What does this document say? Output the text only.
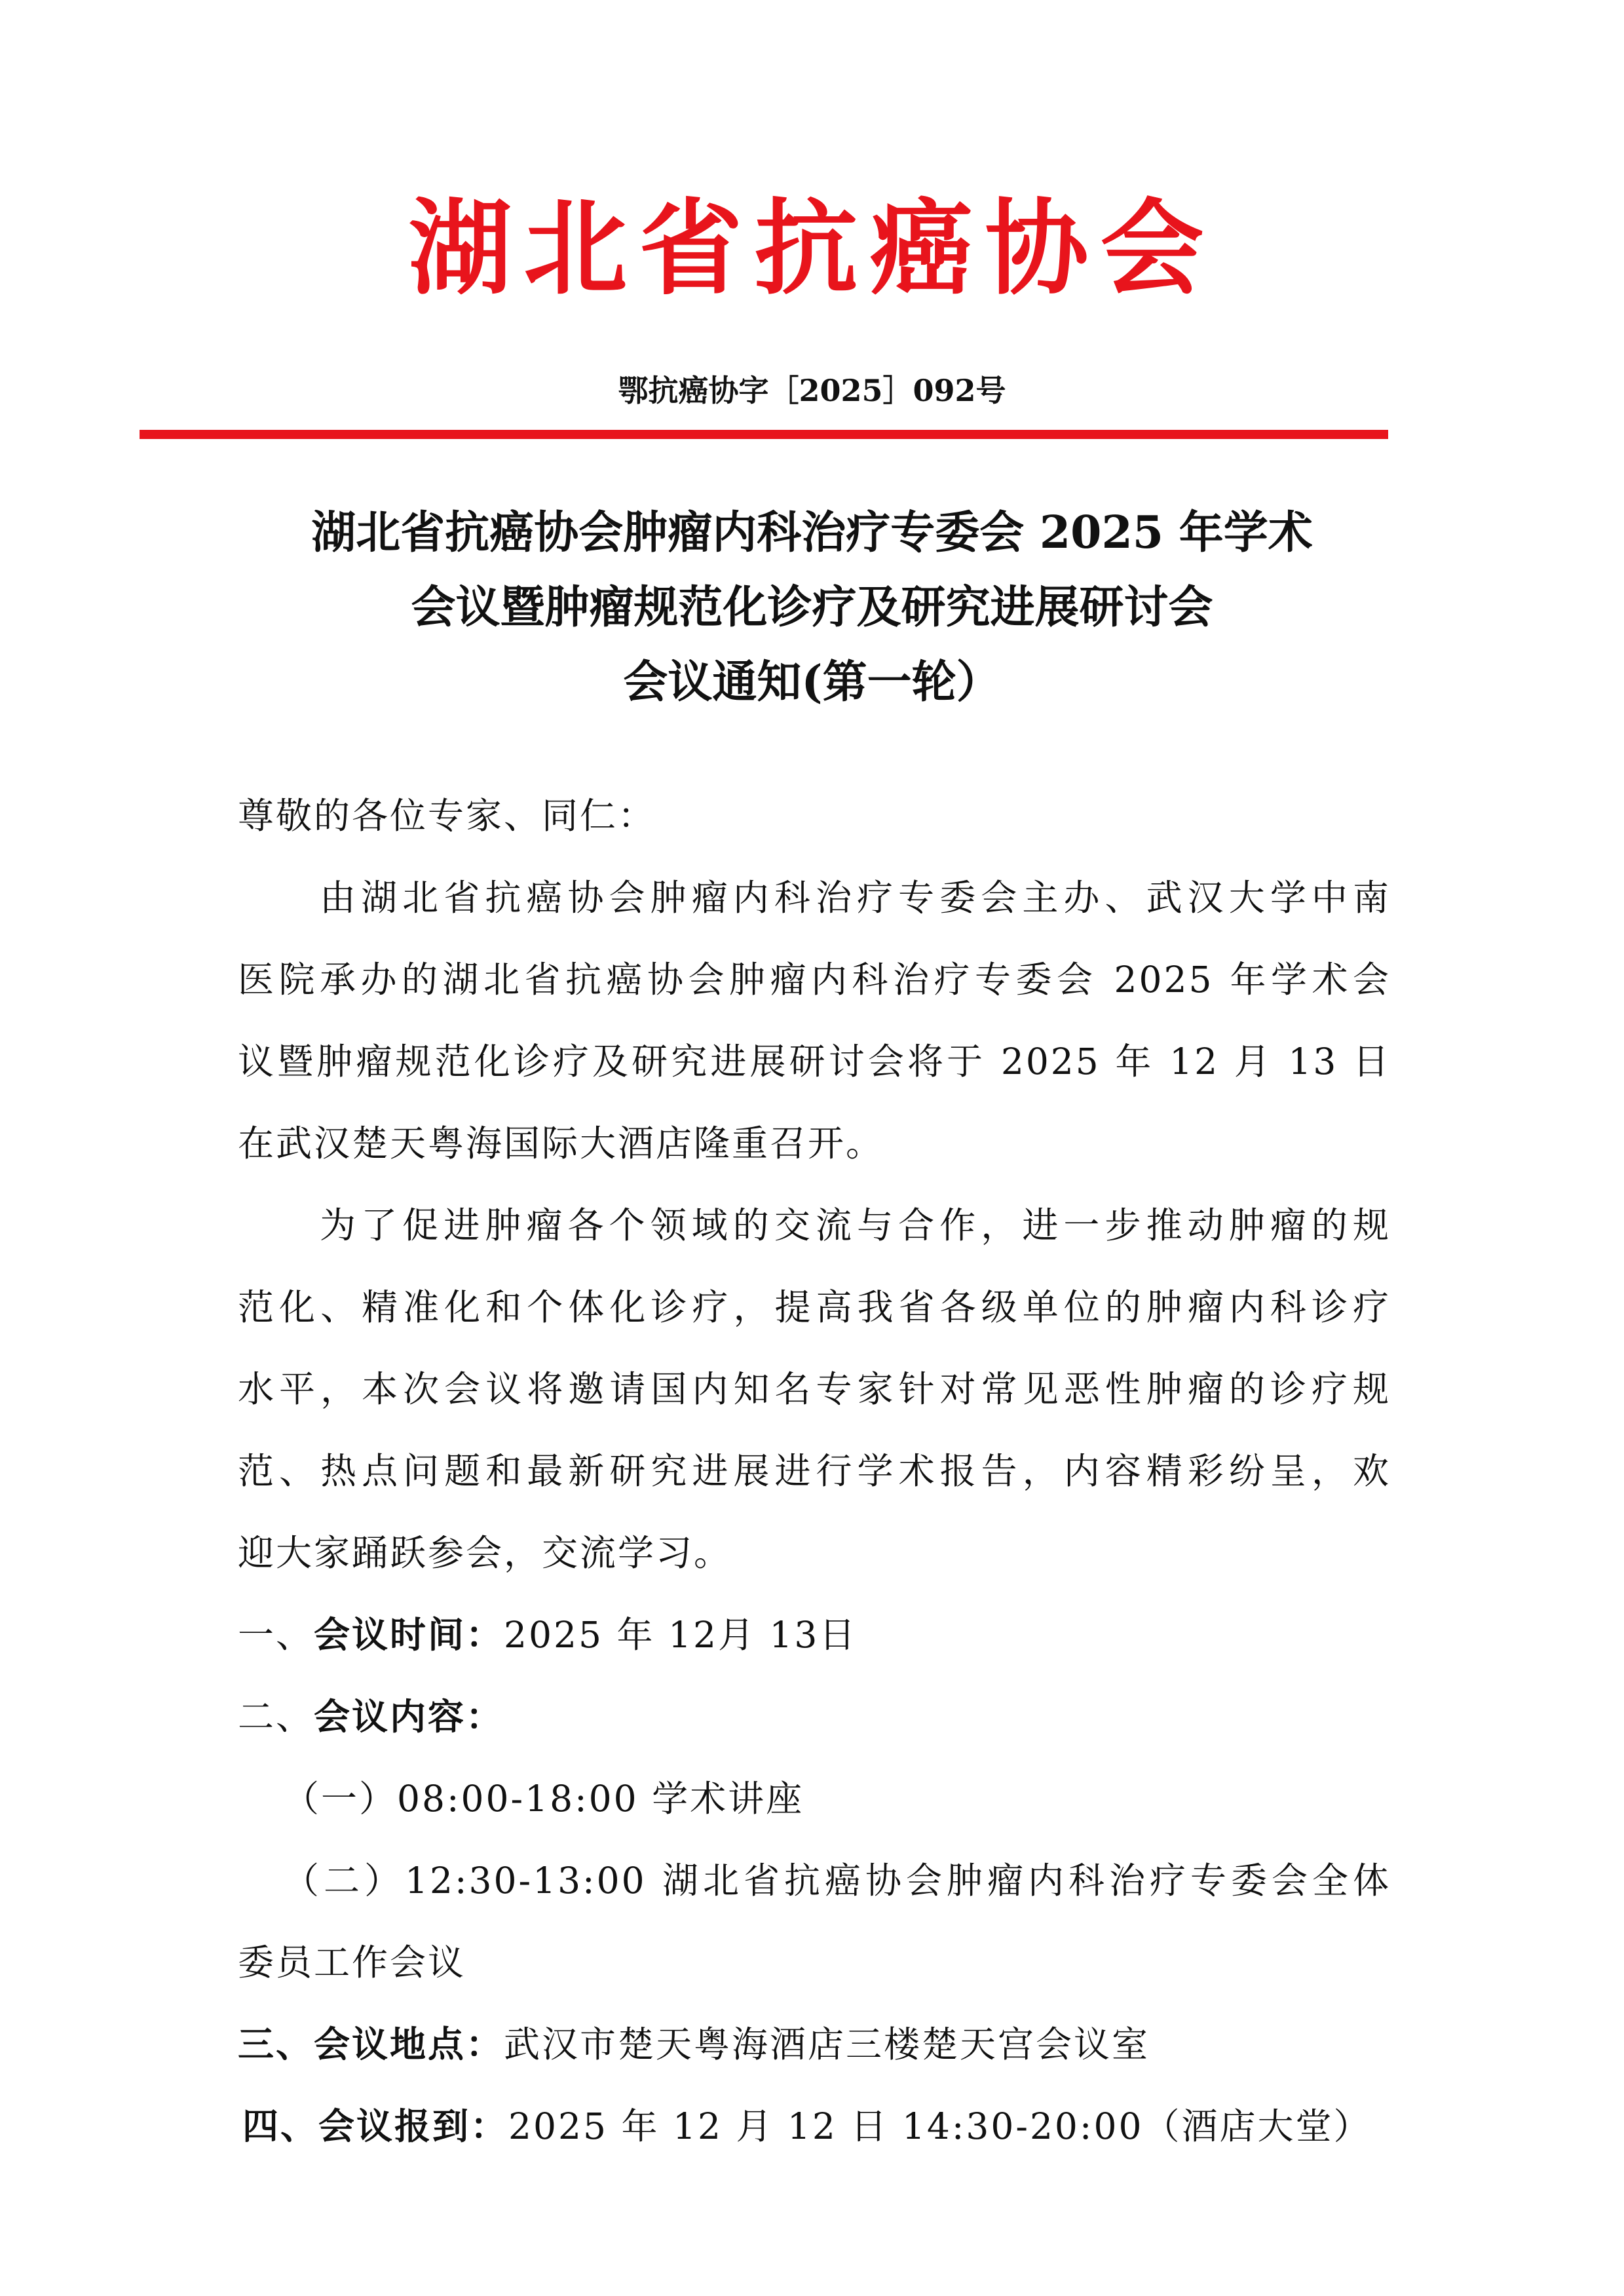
湖北省抗癌协会
鄂抗癌协字［2025］092号
湖北省抗癌协会肿瘤内科治疗专委会 2025 年学术
会议暨肿瘤规范化诊疗及研究进展研讨会
会议通知(第一轮）
尊敬的各位专家、同仁：
由湖北省抗癌协会肿瘤内科治疗专委会主办、武汉大学中南
医院承办的湖北省抗癌协会肿瘤内科治疗专委会 2025 年学术会
议暨肿瘤规范化诊疗及研究进展研讨会将于 2025 年 12 月 13 日
在武汉楚天粤海国际大酒店隆重召开。
为了促进肿瘤各个领域的交流与合作，进一步推动肿瘤的规
范化、精准化和个体化诊疗，提高我省各级单位的肿瘤内科诊疗
水平，本次会议将邀请国内知名专家针对常见恶性肿瘤的诊疗规
范、热点问题和最新研究进展进行学术报告，内容精彩纷呈，欢
迎大家踊跃参会，交流学习。
一、会议时间：2025 年 12月 13日
二、会议内容：
（一）08:00-18:00 学术讲座
（二）12:30-13:00 湖北省抗癌协会肿瘤内科治疗专委会全体
委员工作会议
三、会议地点：武汉市楚天粤海酒店三楼楚天宫会议室
四、会议报到：2025 年 12 月 12 日 14:30-20:00（酒店大堂）
